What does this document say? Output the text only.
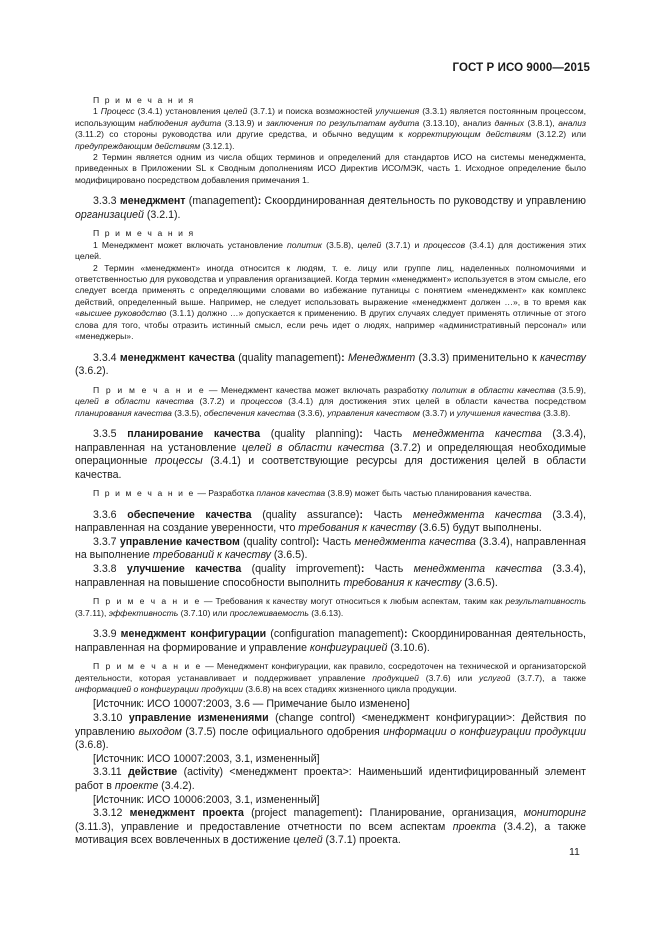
ГОСТ Р ИСО 9000—2015
П р и м е ч а н и я
1 Процесс (3.4.1) установления целей (3.7.1) и поиска возможностей улучшения (3.3.1) является постоянным процессом, использующим наблюдения аудита (3.13.9) и заключения по результатам аудита (3.13.10), анализ данных (3.8.1), анализ (3.11.2) со стороны руководства или другие средства, и обычно ведущим к корректирующим действиям (3.12.2) или предупреждающим действиям (3.12.1).
2 Термин является одним из числа общих терминов и определений для стандартов ИСО на системы менеджмента, приведенных в Приложении SL к Сводным дополнениям ИСО Директив ИСО/МЭК, часть 1. Исходное определение было модифицировано посредством добавления примечания 1.
3.3.3 менеджмент (management): Скоординированная деятельность по руководству и управлению организацией (3.2.1).
П р и м е ч а н и я
1 Менеджмент может включать установление политик (3.5.8), целей (3.7.1) и процессов (3.4.1) для достижения этих целей.
2 Термин «менеджмент» иногда относится к людям, т. е. лицу или группе лиц, наделенных полномочиями и ответственностью для руководства и управления организацией. Когда термин «менеджмент» используется в этом смысле, его следует всегда применять с определяющими словами во избежание путаницы с понятием «менеджмент» как комплекс действий, определенный выше. Например, не следует использовать выражение «менеджмент должен …», в то время как «высшее руководство (3.1.1) должно …» допускается к применению. В других случаях следует применять отличные от этого слова для того, чтобы отразить истинный смысл, если речь идет о людях, например «административный персонал» или «менеджеры».
3.3.4 менеджмент качества (quality management): Менеджмент (3.3.3) применительно к качеству (3.6.2).
П р и м е ч а н и е — Менеджмент качества может включать разработку политик в области качества (3.5.9), целей в области качества (3.7.2) и процессов (3.4.1) для достижения этих целей в области качества посредством планирования качества (3.3.5), обеспечения качества (3.3.6), управления качеством (3.3.7) и улучшения качества (3.3.8).
3.3.5 планирование качества (quality planning): Часть менеджмента качества (3.3.4), направленная на установление целей в области качества (3.7.2) и определяющая необходимые операционные процессы (3.4.1) и соответствующие ресурсы для достижения целей в области качества.
П р и м е ч а н и е — Разработка планов качества (3.8.9) может быть частью планирования качества.
3.3.6 обеспечение качества (quality assurance): Часть менеджмента качества (3.3.4), направленная на создание уверенности, что требования к качеству (3.6.5) будут выполнены.
3.3.7 управление качеством (quality control): Часть менеджмента качества (3.3.4), направленная на выполнение требований к качеству (3.6.5).
3.3.8 улучшение качества (quality improvement): Часть менеджмента качества (3.3.4), направленная на повышение способности выполнить требования к качеству (3.6.5).
П р и м е ч а н и е — Требования к качеству могут относиться к любым аспектам, таким как результативность (3.7.11), эффективность (3.7.10) или прослеживаемость (3.6.13).
3.3.9 менеджмент конфигурации (configuration management): Скоординированная деятельность, направленная на формирование и управление конфигурацией (3.10.6).
П р и м е ч а н и е — Менеджмент конфигурации, как правило, сосредоточен на технической и организаторской деятельности, которая устанавливает и поддерживает управление продукцией (3.7.6) или услугой (3.7.7), а также информацией о конфигурации продукции (3.6.8) на всех стадиях жизненного цикла продукции.
[Источник: ИСО 10007:2003, 3.6 — Примечание было изменено]
3.3.10 управление изменениями (change control) <менеджмент конфигурации>: Действия по управлению выходом (3.7.5) после официального одобрения информации о конфигурации продукции (3.6.8).
[Источник: ИСО 10007:2003, 3.1, измененный]
3.3.11 действие (activity) <менеджмент проекта>: Наименьший идентифицированный элемент работ в проекте (3.4.2).
[Источник: ИСО 10006:2003, 3.1, измененный]
3.3.12 менеджмент проекта (project management): Планирование, организация, мониторинг (3.11.3), управление и предоставление отчетности по всем аспектам проекта (3.4.2), а также мотивация всех вовлеченных в достижение целей (3.7.1) проекта.
11
